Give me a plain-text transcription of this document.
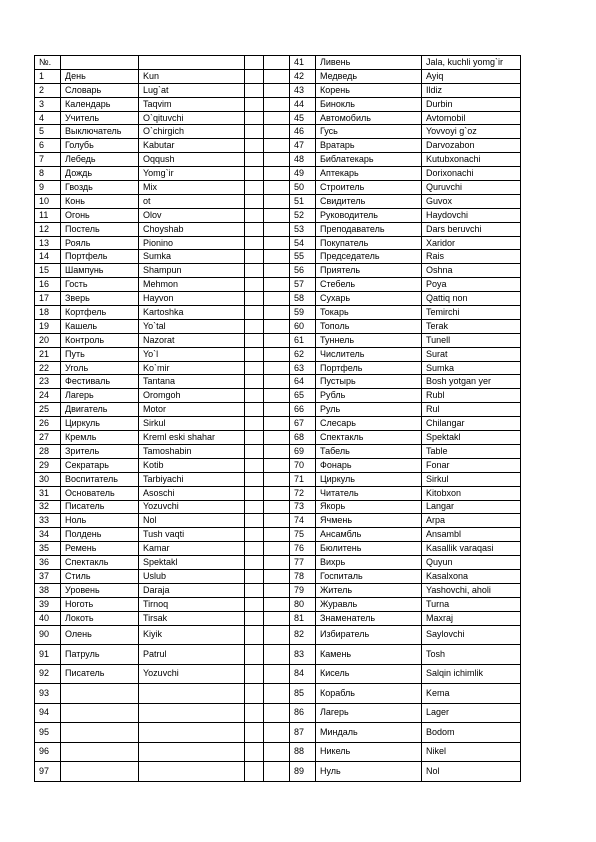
№.					41	Ливень	Jala, kuchli yomg`ir
1	День	Kun			42	Медведь	Ayiq
2	Словарь	Lug`at			43	Корень	Ildiz
3	Календарь	Taqvim			44	Бинокль	Durbin
4	Учитель	O`qituvchi			45	Автомобиль	Avtomobil
5	Выключатель	O`chirgich			46	Гусь	Yovvoyi g`oz
6	Голубь	Kabutar			47	Вратарь	Darvozabon
7	Лебедь	Oqqush			48	Библатекарь	Kutubxonachi
8	Дождь	Yomg`ir			49	Аптекарь	Dorixonachi
9	Гвоздь	Mix			50	Строитель	Quruvchi
10	Конь	ot			51	Свидитель	Guvox
11	Огонь	Olov			52	Руководитель	Haydovchi
12	Постель	Choyshab			53	Преподаватель	Dars beruvchi
13	Рояль	Pionino			54	Покупатель	Xaridor
14	Портфель	Sumka			55	Председатель	Rais
15	Шампунь	Shampun			56	Приятель	Oshna
16	Гость	Mehmon			57	Стебель	Poya
17	Зверь	Hayvon			58	Сухарь	Qattiq non
18	Кортфель	Kartoshka			59	Токарь	Temirchi
19	Кашель	Yo`tal			60	Тополь	Terak
20	Контроль	Nazorat			61	Туннель	Tunell
21	Путь	Yo`l			62	Числитель	Surat
22	Уголь	Ko`mir			63	Портфель	Sumka
23	Фестиваль	Tantana			64	Пустырь	Bosh yotgan yer
24	Лагерь	Oromgoh			65	Рубль	Rubl
25	Двигатель	Motor			66	Руль	Rul
26	Циркуль	Sirkul			67	Слесарь	Chilangar
27	Кремль	Kreml eski shahar			68	Спектакль	Spektakl
28	Зритель	Tamoshabin			69	Табель	Table
29	Секратарь	Kotib			70	Фонарь	Fonar
30	Воспитатель	Tarbiyachi			71	Циркуль	Sirkul
31	Основатель	Asoschi			72	Читатель	Kitobxon
32	Писатель	Yozuvchi			73	Якорь	Langar
33	Ноль	Nol			74	Ячмень	Arpa
34	Полдень	Tush vaqti			75	Ансамбль	Ansambl
35	Ремень	Kamar			76	Бюлитень	Kasallik varaqasi
36	Спектакль	Spektakl			77	Вихрь	Quyun
37	Стиль	Uslub			78	Госпиталь	Kasalxona
38	Уровень	Daraja			79	Житель	Yashovchi, aholi
39	Ноготь	Tirnoq			80	Журавль	Turna
40	Локоть	Tirsak			81	Знаменатель	Maxraj
90	Олень	Kiyik			82	Избиратель	Saylovchi
91	Патруль	Patrul			83	Камень	Tosh
92	Писатель	Yozuvchi			84	Кисель	Salqin ichimlik
93					85	Корабль	Kema
94					86	Лагерь	Lager
95					87	Миндаль	Bodom
96					88	Никель	Nikel
97					89	Нуль	Nol
